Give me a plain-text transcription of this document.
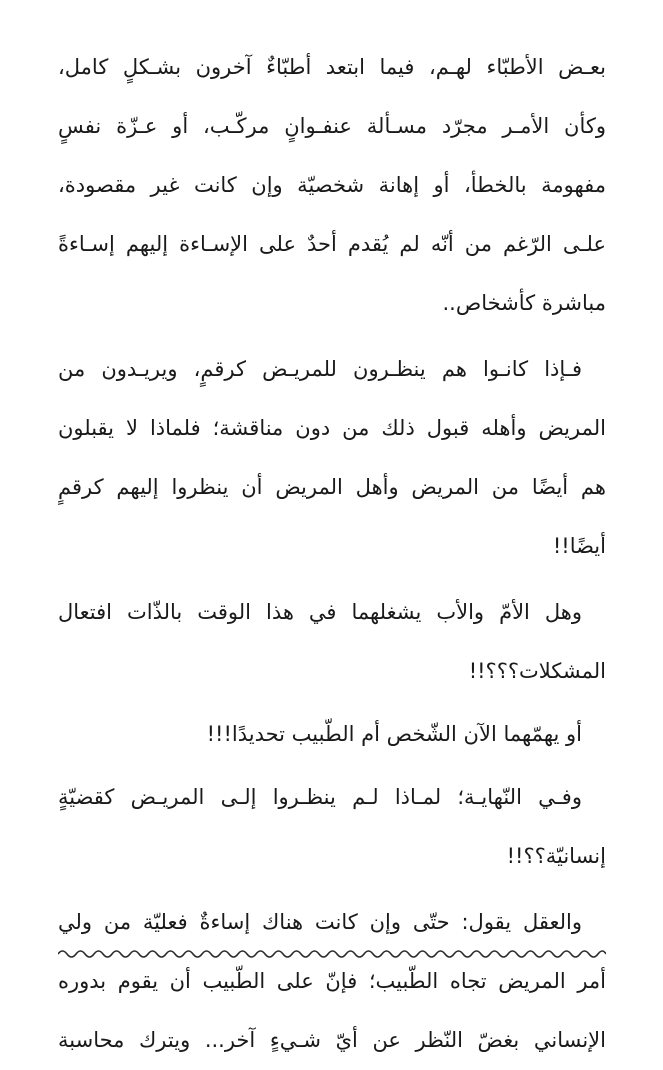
بعـض الأطبّاء لهـم، فيما ابتعد أطبّاءٌ آخرون بشـكلٍ كامل،
وكأن الأمـر مجرّد مسـألة عنفـوانٍ مركّـب، أو عـزّة نفسٍ
مفهومة بالخطأ، أو إهانة شخصيّة وإن كانت غير مقصودة،
علـى الرّغم من أنّه لم يُقدم أحدٌ على الإسـاءة إليهم إسـاءةً
مباشرة كأشخاص..
فـإذا كانـوا هم ينظـرون للمريـض كرقمٍ، ويريـدون من
المريض وأهله قبول ذلك من دون مناقشة؛ فلماذا لا يقبلون
هم أيضًا من المريض وأهل المريض أن ينظروا إليهم كرقمٍ
أيضًا!!
وهل الأمّ والأب يشغلهما في هذا الوقت بالذّات افتعال
المشكلات؟؟؟!!
أو يهمّهما الآن الشّخص أم الطّبيب تحديدًا!!!
وفـي النّهايـة؛ لمـاذا لـم ينظـروا إلـى المريـض كقضيّةٍ
إنسانيّة؟؟!!
والعقل يقول: حتّى وإن كانت هناك إساءةٌ فعليّة من ولي
أمر المريض تجاه الطّبيب؛ فإنّ على الطّبيب أن يقوم بدوره
الإنساني بغضّ النّظر عن أيّ شـيءٍ آخر... ويترك محاسبة
